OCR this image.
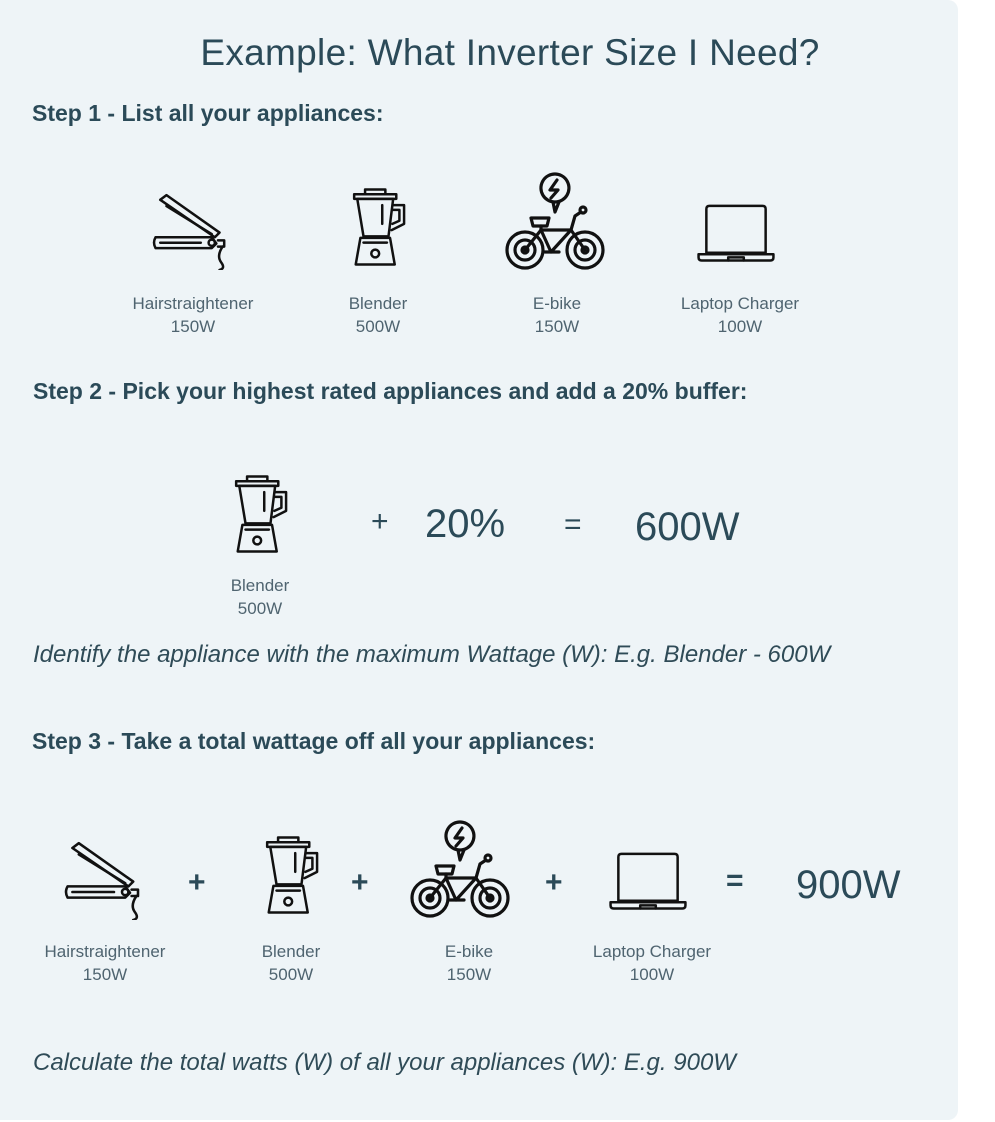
Example: What Inverter Size I Need?
Step 1 - List all your appliances:
Hairstraightener
150W
Blender
500W
E-bike
150W
Laptop Charger
100W
Step 2 - Pick your highest rated appliances and add a 20% buffer:
+ 20% = 600W
Blender
500W
Identify the appliance with the maximum Wattage (W): E.g. Blender - 600W
Step 3 - Take a total wattage off all your appliances:
+	+	+	= 900W
Hairstraightener
150W
Blender
500W
E-bike
150W
Laptop Charger
100W
Calculate the total watts (W) of all your appliances (W): E.g. 900W
